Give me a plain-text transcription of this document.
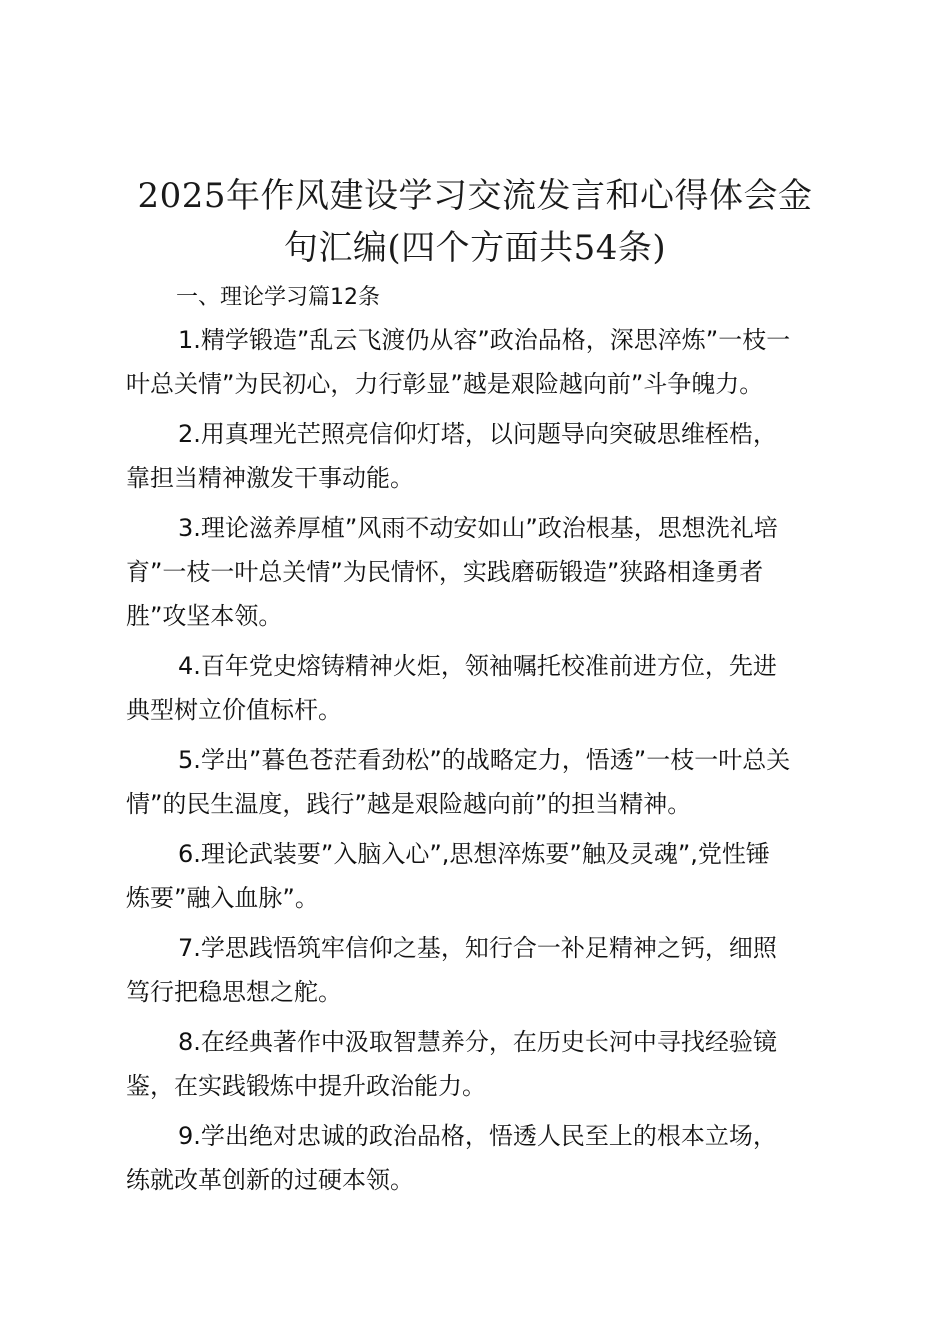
2025年作风建设学习交流发言和心得体会金
句汇编(四个方面共54条)
一、理论学习篇12条
1.精学锻造”乱云飞渡仍从容”政治品格，深思淬炼”一枝一
叶总关情”为民初心，力行彰显”越是艰险越向前”斗争魄力。
2.用真理光芒照亮信仰灯塔，以问题导向突破思维桎梏，
靠担当精神激发干事动能。
3.理论滋养厚植”风雨不动安如山”政治根基，思想洗礼培
育”一枝一叶总关情”为民情怀，实践磨砺锻造”狭路相逢勇者
胜”攻坚本领。
4.百年党史熔铸精神火炬，领袖嘱托校准前进方位，先进
典型树立价值标杆。
5.学出”暮色苍茫看劲松”的战略定力，悟透”一枝一叶总关
情”的民生温度，践行”越是艰险越向前”的担当精神。
6.理论武装要”入脑入心”,思想淬炼要”触及灵魂”,党性锤
炼要”融入血脉”。
7.学思践悟筑牢信仰之基，知行合一补足精神之钙，细照
笃行把稳思想之舵。
8.在经典著作中汲取智慧养分，在历史长河中寻找经验镜
鉴，在实践锻炼中提升政治能力。
9.学出绝对忠诚的政治品格，悟透人民至上的根本立场，
练就改革创新的过硬本领。
